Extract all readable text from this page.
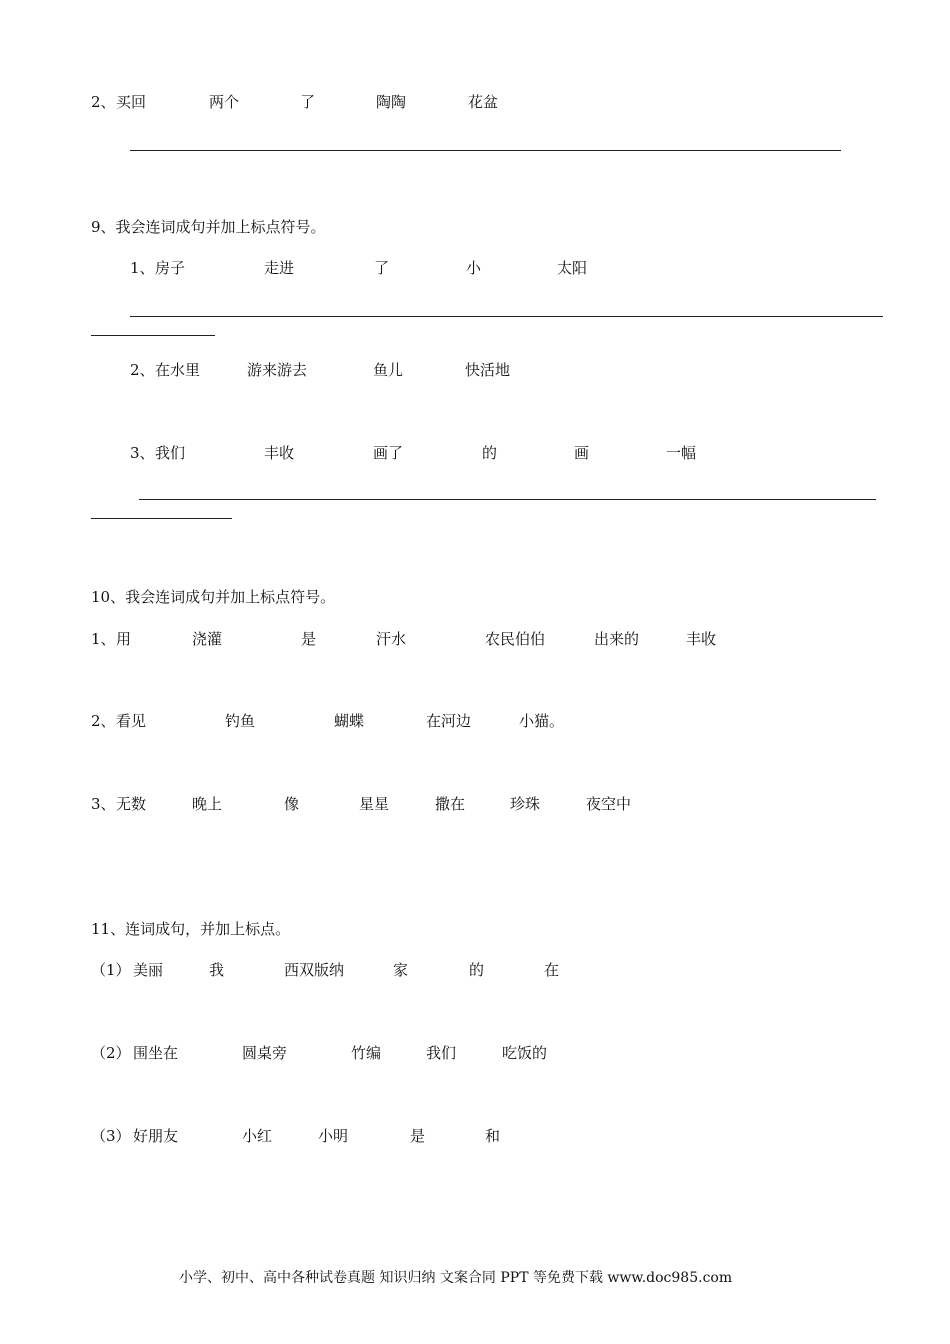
2、 买回	两个	了	陶陶	花盆
9、我会连词成句并加上标点符号。
1、 房子	走进	了	小	太阳
2、 在水里	游来游去	鱼儿	快活地
3、 我们	丰收	画了	的	画	一幅
10、我会连词成句并加上标点符号。
1、 用	浇灌	是	汗水	农民伯伯	出来的	丰收
2、 看见	钓鱼	蝴蝶	在河边	小猫。
3、 无数	晚上	像	星星	撒在	珍珠	夜空中
11、连词成句，并加上标点。
（1） 美丽	我	西双版纳	家	的	在
（2） 围坐在	圆桌旁	竹编	我们	吃饭的
（3） 好朋友	小红	小明	是	和
小学、初中、高中各种试卷真题 知识归纳 文案合同 PPT 等免费下载 www.doc985.com
